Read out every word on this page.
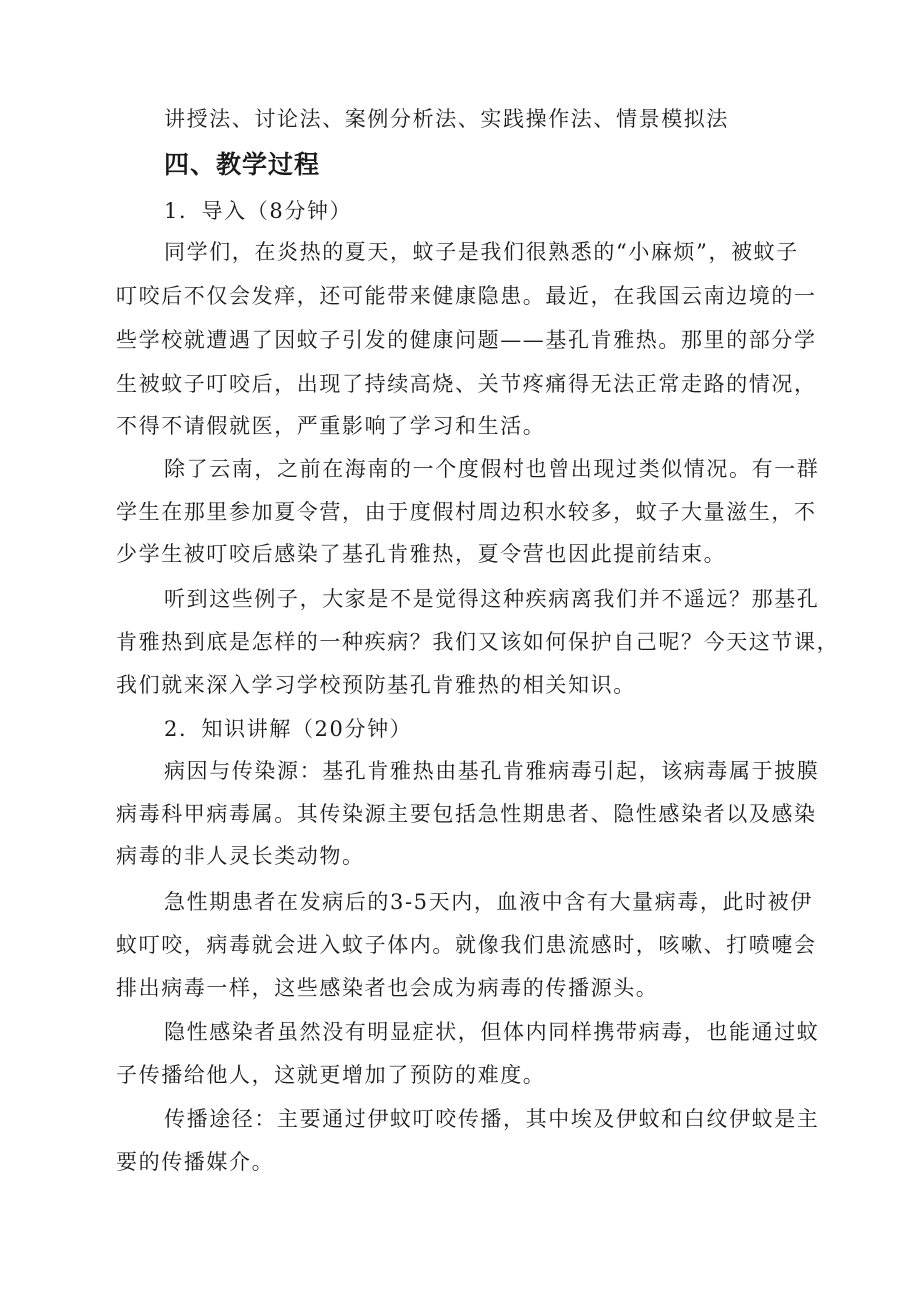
讲授法、讨论法、案例分析法、实践操作法、情景模拟法
四、教学过程
1．导入（8分钟）
同学们，在炎热的夏天，蚊子是我们很熟悉的“小麻烦”，被蚊子
叮咬后不仅会发痒，还可能带来健康隐患。最近，在我国云南边境的一
些学校就遭遇了因蚊子引发的健康问题——基孔肯雅热。那里的部分学
生被蚊子叮咬后，出现了持续高烧、关节疼痛得无法正常走路的情况，
不得不请假就医，严重影响了学习和生活。
除了云南，之前在海南的一个度假村也曾出现过类似情况。有一群
学生在那里参加夏令营，由于度假村周边积水较多，蚊子大量滋生，不
少学生被叮咬后感染了基孔肯雅热，夏令营也因此提前结束。
听到这些例子，大家是不是觉得这种疾病离我们并不遥远？那基孔
肯雅热到底是怎样的一种疾病？我们又该如何保护自己呢？今天这节课，
我们就来深入学习学校预防基孔肯雅热的相关知识。
2．知识讲解（20分钟）
病因与传染源：基孔肯雅热由基孔肯雅病毒引起，该病毒属于披膜
病毒科甲病毒属。其传染源主要包括急性期患者、隐性感染者以及感染
病毒的非人灵长类动物。
急性期患者在发病后的3-5天内，血液中含有大量病毒，此时被伊
蚊叮咬，病毒就会进入蚊子体内。就像我们患流感时，咳嗽、打喷嚏会
排出病毒一样，这些感染者也会成为病毒的传播源头。
隐性感染者虽然没有明显症状，但体内同样携带病毒，也能通过蚊
子传播给他人，这就更增加了预防的难度。
传播途径：主要通过伊蚊叮咬传播，其中埃及伊蚊和白纹伊蚊是主
要的传播媒介。
